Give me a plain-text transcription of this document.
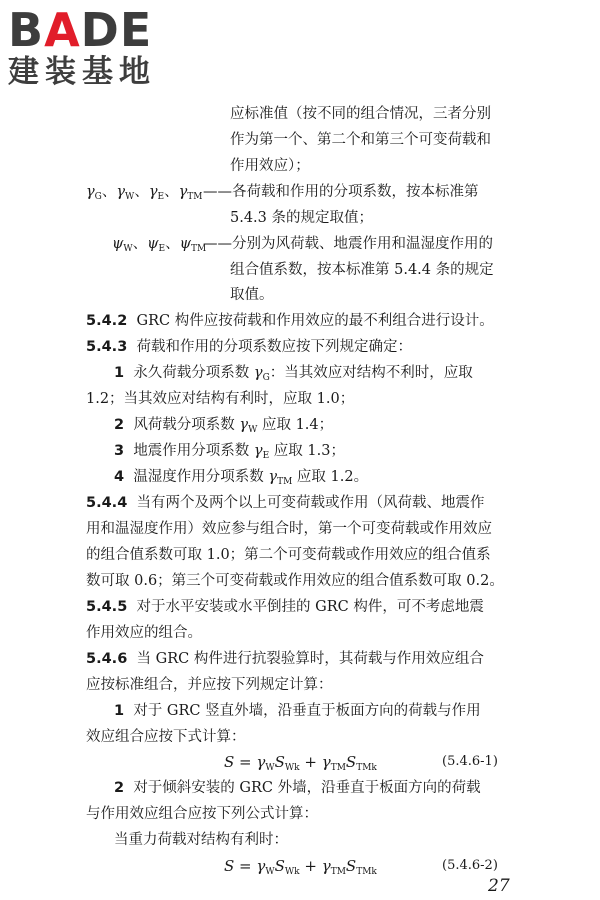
BADE
建装基地
应标准值（按不同的组合情况，三者分别
作为第一个、第二个和第三个可变荷载和
作用效应）；
$\gamma_G$、$\gamma_W$、$\gamma_E$、$\gamma_{TM}$ ——各荷载和作用的分项系数，按本标准第
5.4.3 条的规定取值；
$\psi_W$、$\psi_E$、$\psi_{TM}$
——分别为风荷载、地震作用和温湿度作用的
组合值系数，按本标准第 5.4.4 条的规定
取值。
5.4.2 GRC 构件应按荷载和作用效应的最不利组合进行设计。
5.4.3 荷载和作用的分项系数应按下列规定确定：
1 永久荷载分项系数 $\gamma_G$：当其效应对结构不利时，应取
1.2；当其效应对结构有利时，应取 1.0；
2 风荷载分项系数 $\gamma_W$ 应取 1.4；
3 地震作用分项系数 $\gamma_E$ 应取 1.3；
4 温湿度作用分项系数 $\gamma_{TM}$ 应取 1.2。
5.4.4 当有两个及两个以上可变荷载或作用（风荷载、地震作
用和温湿度作用）效应参与组合时，第一个可变荷载或作用效应
的组合值系数可取 1.0；第二个可变荷载或作用效应的组合值系
数可取 0.6；第三个可变荷载或作用效应的组合值系数可取 0.2。
5.4.5 对于水平安装或水平倒挂的 GRC 构件，可不考虑地震
作用效应的组合。
5.4.6 当 GRC 构件进行抗裂验算时，其荷载与作用效应组合
应按标准组合，并应按下列规定计算：
1 对于 GRC 竖直外墙，沿垂直于板面方向的荷载与作用
效应组合应按下式计算：
$S = \gamma_WS_{Wk} + \gamma_{TM}S_{TMk}$	(5.4.6-1)
2 对于倾斜安装的 GRC 外墙，沿垂直于板面方向的荷载
与作用效应组合应按下列公式计算：
当重力荷载对结构有利时：
$S = \gamma_WS_{Wk} + \gamma_{TM}S_{TMk}$	(5.4.6-2)
27
